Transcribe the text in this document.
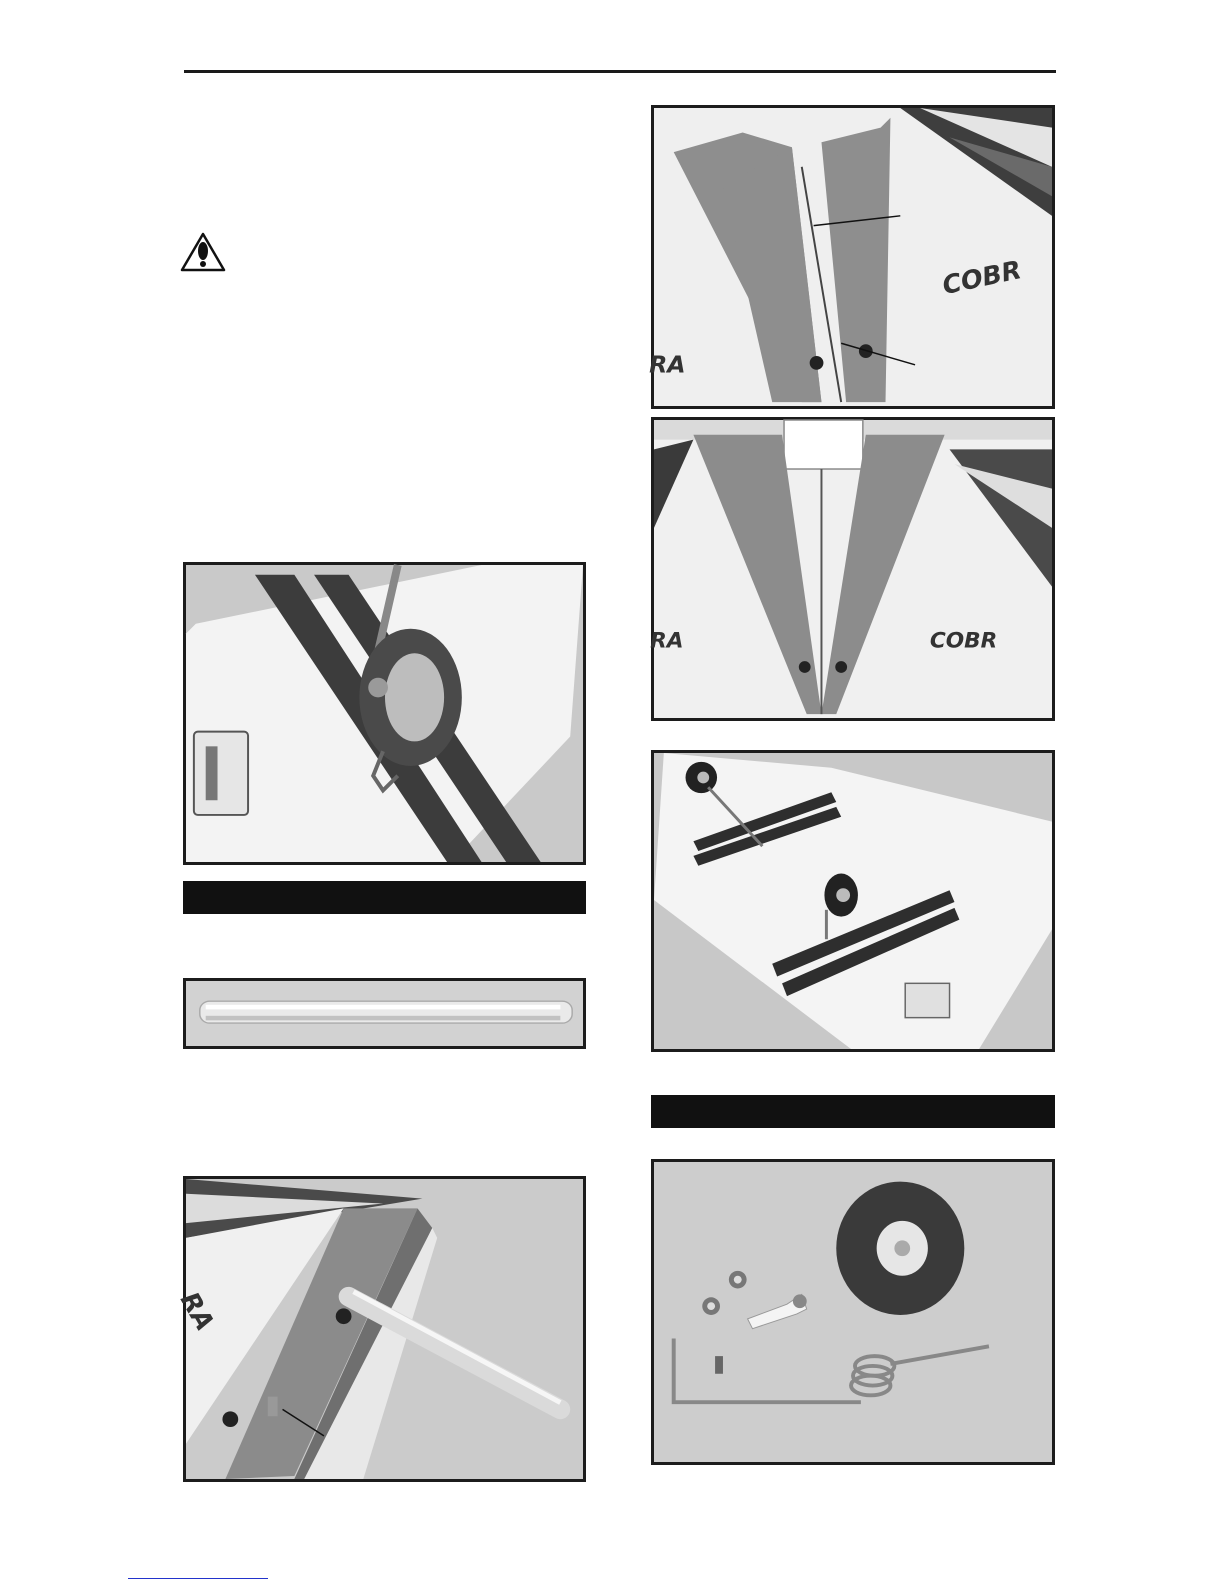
RA
COBR
RA
RA	COBR
